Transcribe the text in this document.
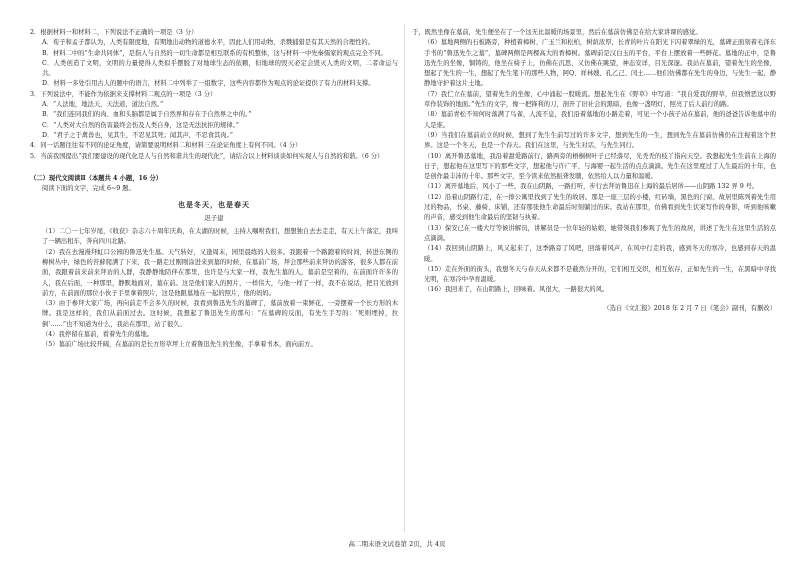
2．根据材料一和材料二，下列说法不正确的一项是（3 分）

A．荀子和孟子都认为，人类有限度地，有期地出动物的道德水平，因此人们用动物、杀戮捕猎是有其天然的合理性的。

B．材料二中的“生命共同体”，是指人与自然的一切生命都是相互联系的有机整体，这与材料一中先秦儒家的观点完全不同。

C．人类创造了文明，文明的力量使得人类似乎摆脱了对地球生态的依赖，但地球的毁灭必定会毁灭人类的文明，二者命运与共。

D．材料一多处引用古人的题中的语言，材料二中列举了一组数字，这些内容都作为观点的论证提供了有力的材料支撑。

3．下列说法中，不能作为依据来支撑材料二观点的一项是（3 分）

A．“人法地，地法天，天法道，道法自然。”

B．“我们连同我们的肉、血和头脑都是属于自然界和存在于自然界之中的。”

C．“人类对大自然的伤害最终会伤及人类自身，这是无法抗拒的规律。”

D．“君子之于禽兽也，见其生，不忍见其死；闻其声，不忍食其肉。”

4．同一话题往往有不同的论证角度，请简要说明材料二和材料三在论证角度上有何不同。（4 分）

5．当前我国提出“我们要建设的现代化是人与自然和谐共生的现代化”，请结合以上材料谈谈如何实现人与自然的和谐。（6 分）

（二）现代文阅读Ⅱ（本题共 4 小题，16 分）

阅读下面的文字，完成 6~9 题。

也是冬天，也是春天
迟子建

（1）二〇一七年岁尾，《收获》杂志六十周年庆典，在太湖的时候，主持人嘱咐我们，想想独自去去走走，有天上午落定，我叫了一辆出租车，奔向四川北路。

（2）我在去漫漫拜虹口公园的鲁迅先生墓。天气转好，又逢周末，园里晨练的人很多。我跟着一个路跑着的时间，转进东侧的柳树丛中，绿色的苔藓爬满了下来，我一路走过刚刚涂进来到墓的时候，在墓前广场，拜会那些前来拜访的游客，很多人都在前面，我跟着前来前来拜访的人群，我静静地陪伴在那里，也许是与大家一样，我先生墓的人，墓前是空着的，在前面许许多的人，我在后面，一种那里，静默地面对，墓在前。这是他们家人的照片，一样伟大，与他一样了一样，我不在说话，把目光放到前方，在前面的那位小伙子手里拿着照片，这是他跟墓地在一起的照片，他的妈妈。

（3）由于参拜大家广场，再向前走不会多久的时候，我看到鲁迅先生的墓碑了，墓前放着一束鲜花，一旁摆着一个长方形的木牌。我是这样的，我们从前面过去。这时候，我想起了鲁迅先生的那句：“在墓碑的反面，有先生手写的：‘死则埋掉，拉倒’……”也不知道为什么，我站在那里，站了很久。

（4）我停留在墓前，看着先生的墓地。

（5）墓前广场比较开阔，在墓前的是长方形草坪上立着鲁迅先生的坐像，手拿着书本，面向前方。

于，既然坐像在墓前，先生便坐在了一个这无比温暖的场景里，然后在墓前仿佛是在给大家讲课的感觉。

（6）墓地两侧的石板路旁，种植着樟树、广玉兰和松柏，树荫浓厚，长青的叶片在阳光下闪着翠绿的光，墓碑正面刻着毛泽东手书的“鲁迅先生之墓”，墓碑两侧是两棵高大的香樟树。墓碑前是汉白玉的平台，平台上摆放着一些鲜花。墓地的正中，是鲁迅先生的坐像，铜铸的，他坐在椅子上，仿佛在沉思，又仿佛在眺望，神态安详，目光深邃。我站在墓前，望着先生的坐像，想起了先生的一生，想起了先生笔下的那些人物，阿Q、祥林嫂、孔乙己、闰土……他们仿佛都在先生的身边，与先生一起，静静地守护着这片土地。

（7）我伫立在墓前，望着先生的坐像，心中涌起一股暖流。想起先生在《野草》中写道：“我自爱我的野草，但我憎恶这以野草作装饰的地面。”先生的文字，像一把锋利的刀，剖开了旧社会的黑暗，也像一盏明灯，照亮了后人前行的路。

（8）墓前青松不知何时落满了鸟雀，人流不息，我们沿着墓地的小路走着，可见一个小孩子站在墓前，他的爸爸告诉他墓中的人是谁。

（9）当我们在墓前站立的时候，想到了先生生前写过的许多文字，想到先生的一生，想到先生在墓前仿佛仍在注视着这个世界。这是一个冬天，也是一个春天。我们在这里，与先生对话，与先生同行。

（10）离开鲁迅墓地，我沿着甜爱路前行，路两旁的梧桐树叶子已经落尽，光秃秃的枝丫指向天空。我想起先生生前在上海的日子，想起他在这里写下的那些文字，想起他与许广平、与海婴一起生活的点点滴滴。先生在这里度过了人生最后的十年，也是创作最丰沛的十年。那些文字，至今读来依然振聋发聩，依然给人以力量和温暖。

（11）离开墓地后，风小了一些，我在山阴路，一路打听，步行去拜访鲁迅在上海的最后居所——山阴路 132 弄 9 号。

（12）沿着山阴路行走，在一排公寓里找到了先生的故居。那是一座三层的小楼，红砖墙，黑色的门窗。故居里陈列着先生用过的物品，书桌、藤椅、床铺，还有那张他生命最后时刻躺过的床。我站在那里，仿佛看到先生伏案写作的身影，听到他咳嗽的声音，感受到他生命最后的坚韧与执着。

（13）保安已在一楼大厅等候讲解员，讲解员是一位年轻的姑娘，她带领我们参观了先生的故居，讲述了先生在这里生活的点点滴滴。

（14）我回到山阴路上，风又起来了，这季路旁了风吧，回落着风声，在风中行走的我，感到冬天的寒冷，也感到春天的温暖。

（15）走在外面的街头，我想冬天与春天从来都不是截然分开的，它们相互交织，相互依存，正如先生的一生，在黑暗中寻找光明，在寒冷中孕育温暖。

（16）我回来了，在山阴路上，回味着。风很大，一路很大的风。

（选自《文汇报》2018 年 2 月 7 日《笔会》副刊，有删改）

高二期末语文试卷第 2页，共 4页
